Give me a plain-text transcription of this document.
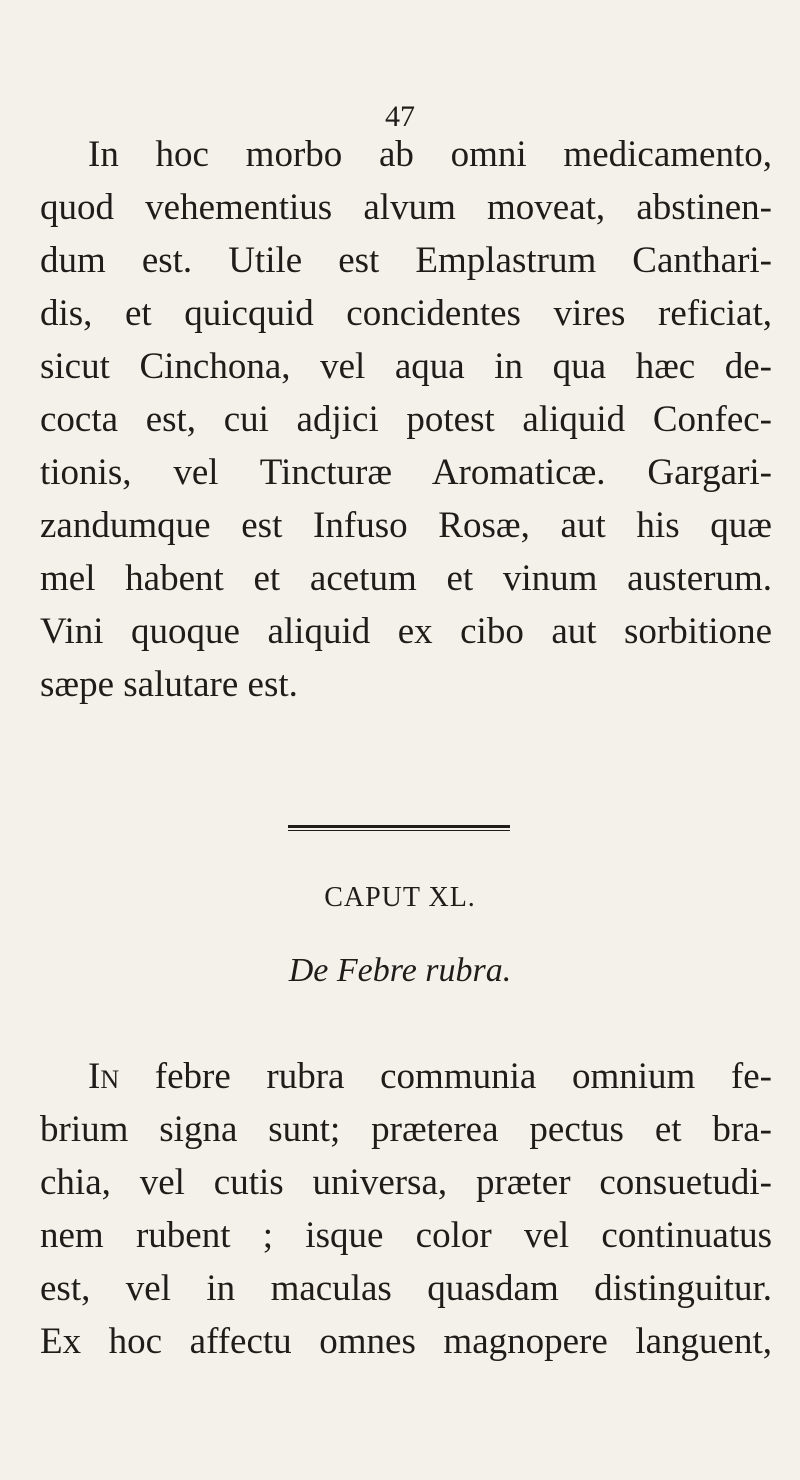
47
In hoc morbo ab omni medicamento,
quod vehementius alvum moveat, abstinen-
dum est. Utile est Emplastrum Canthari-
dis, et quicquid concidentes vires reficiat,
sicut Cinchona, vel aqua in qua hæc de-
cocta est, cui adjici potest aliquid Confec-
tionis, vel Tincturæ Aromaticæ. Gargari-
zandumque est Infuso Rosæ, aut his quæ
mel habent et acetum et vinum austerum.
Vini quoque aliquid ex cibo aut sorbitione
sæpe salutare est.
CAPUT XL.
De Febre rubra.
In febre rubra communia omnium fe-
brium signa sunt; præterea pectus et bra-
chia, vel cutis universa, præter consuetudi-
nem rubent ; isque color vel continuatus
est, vel in maculas quasdam distinguitur.
Ex hoc affectu omnes magnopere languent,
